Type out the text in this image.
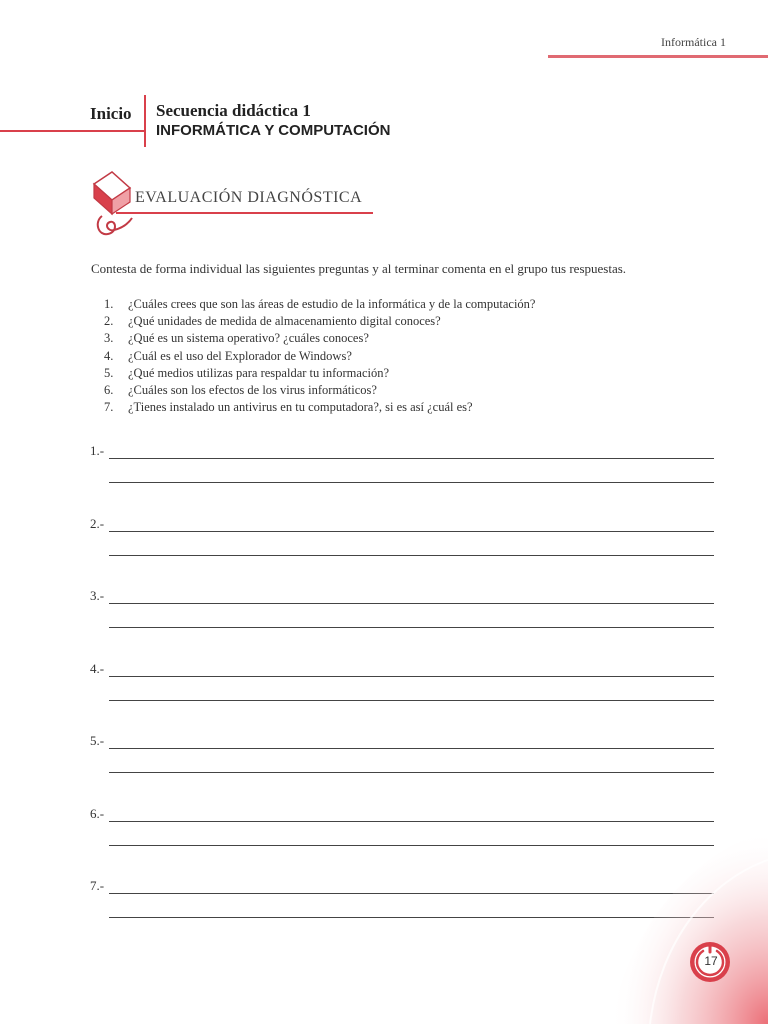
Informática 1
Inicio Secuencia didáctica 1
INFORMÁTICA Y COMPUTACIÓN
EVALUACIÓN DIAGNÓSTICA
Contesta de forma individual las siguientes preguntas y al terminar comenta en el grupo tus respuestas.
1. ¿Cuáles crees que son las áreas de estudio de la informática y de la computación?
2. ¿Qué unidades de medida de almacenamiento digital conoces?
3. ¿Qué es un sistema operativo? ¿cuáles conoces?
4. ¿Cuál es el uso del Explorador de Windows?
5. ¿Qué medios utilizas para respaldar tu información?
6. ¿Cuáles son los efectos de los virus informáticos?
7. ¿Tienes instalado un antivirus en tu computadora?, si es así ¿cuál es?
1.-
2.-
3.-
4.-
5.-
6.-
7.-
17
